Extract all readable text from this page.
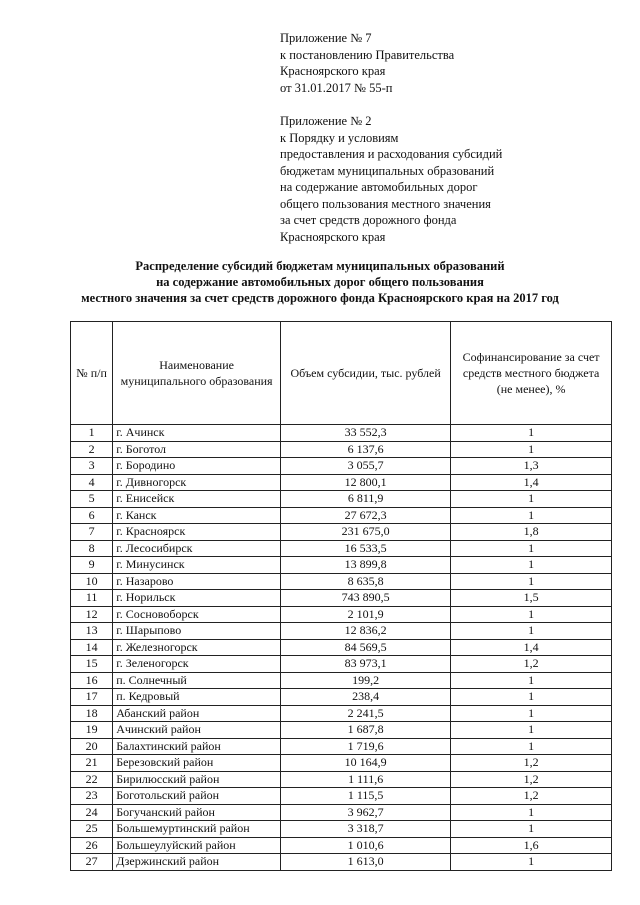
Приложение № 7
к постановлению Правительства
Красноярского края
от 31.01.2017 № 55-п
Приложение № 2
к Порядку и условиям
предоставления и расходования субсидий
бюджетам муниципальных образований
на содержание автомобильных дорог
общего пользования местного значения
за счет средств дорожного фонда
Красноярского края
Распределение субсидий бюджетам муниципальных образований
на содержание автомобильных дорог общего пользования
местного значения за счет средств дорожного фонда Красноярского края на 2017 год
№ п/п	Наименование муниципального образования	Объем субсидии, тыс. рублей	Софинансирование за счет средств местного бюджета (не менее), %
1	г. Ачинск	33 552,3	1
2	г. Боготол	6 137,6	1
3	г. Бородино	3 055,7	1,3
4	г. Дивногорск	12 800,1	1,4
5	г. Енисейск	6 811,9	1
6	г. Канск	27 672,3	1
7	г. Красноярск	231 675,0	1,8
8	г. Лесосибирск	16 533,5	1
9	г. Минусинск	13 899,8	1
10	г. Назарово	8 635,8	1
11	г. Норильск	743 890,5	1,5
12	г. Сосновоборск	2 101,9	1
13	г. Шарыпово	12 836,2	1
14	г. Железногорск	84 569,5	1,4
15	г. Зеленогорск	83 973,1	1,2
16	п. Солнечный	199,2	1
17	п. Кедровый	238,4	1
18	Абанский район	2 241,5	1
19	Ачинский район	1 687,8	1
20	Балахтинский район	1 719,6	1
21	Березовский район	10 164,9	1,2
22	Бирилюсский район	1 111,6	1,2
23	Боготольский район	1 115,5	1,2
24	Богучанский район	3 962,7	1
25	Большемуртинский район	3 318,7	1
26	Большеулуйский район	1 010,6	1,6
27	Дзержинский район	1 613,0	1
